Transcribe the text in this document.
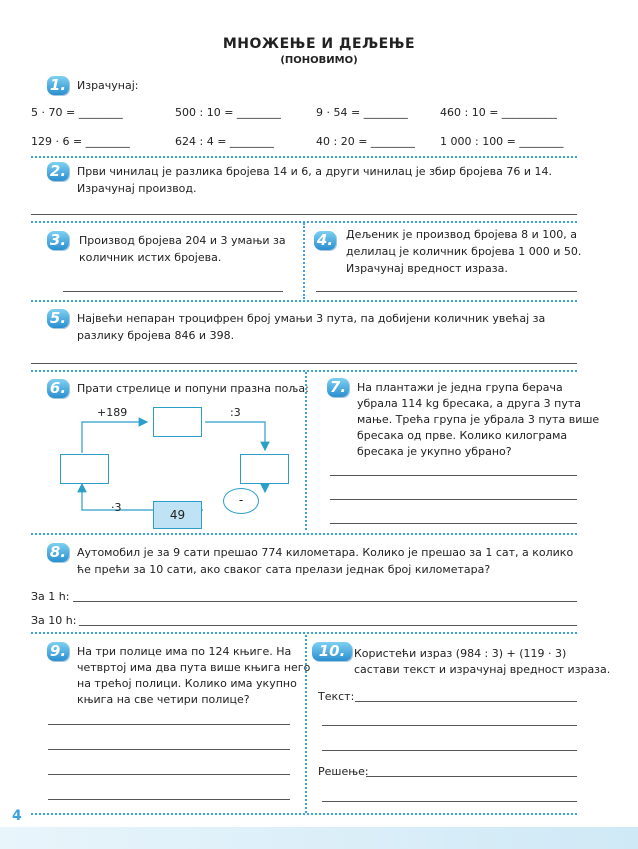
МНОЖЕЊЕ И ДЕЉЕЊЕ
(ПОНОВИМО)
1. Израчунај:
5 · 70 = ________	500 : 10 = ________	9 · 54 = ________	460 : 10 = __________
129 · 6 = ________	624 : 4 = ________	40 : 20 = ________ 1 000 : 100 = ________
2. Први чинилац је разлика бројева 14 и 6, а други чинилац је збир бројева 76 и 14.
Израчунај производ.
3. Производ бројева 204 и 3 умањи за
количник истих бројева.
4. Дељеник је производ бројева 8 и 100, а
делилац је количник бројева 1 000 и 50.
Израчунај вредност израза.
5. Највећи непаран троцифрен број умањи 3 пута, па добијени количник увећај за
разлику бројева 846 и 398.
6. Прати стрелице и попуни празна поља:
49
-
+189	:3
·3
7. На плантажи је једна група берача
убрала 114 kg бресака, а друга 3 пута
мање. Трећа група је убрала 3 пута више
бресака од прве. Колико килограма
бресака је укупно убрано?
8. Аутомобил је за 9 сати прешао 774 километара. Колико је прешао за 1 сат, а колико
ће прећи за 10 сати, ако сваког сата прелази једнак број километара?
За 1 h:
За 10 h:
9. На три полице има по 124 књиге. На
четвртој има два пута више књига него
на трећој полици. Колико има укупно
књига на све четири полице?
10. Користећи израз (984 : 3) + (119 · 3)
састави текст и израчунај вредност израза.
Текст:
Решење:
4
